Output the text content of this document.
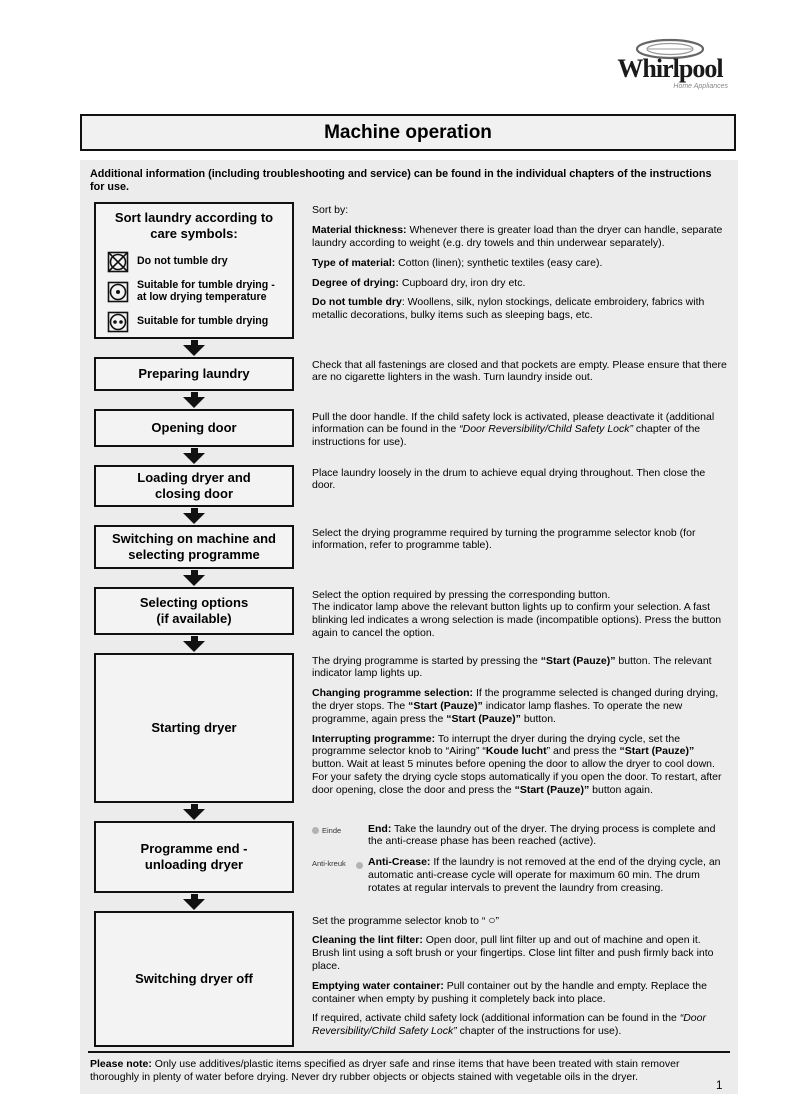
Whirlpool
Home Appliances
Machine operation
Additional information (including troubleshooting and service) can be found in the individual chapters of the instructions for use.
Sort laundry according to
care symbols:
Do not tumble dry
Suitable for tumble drying - at low drying temperature
Suitable for tumble drying

Sort by:

Material thickness: Whenever there is greater load than the dryer can handle, separate laundry according to weight (e.g. dry towels and thin underwear separately).

Type of material: Cotton (linen); synthetic textiles (easy care).

Degree of drying: Cupboard dry, iron dry etc.

Do not tumble dry: Woollens, silk, nylon stockings, delicate embroidery, fabrics with metallic decorations, bulky items such as sleeping bags, etc.

Preparing laundry

Check that all fastenings are closed and that pockets are empty. Please ensure that there are no cigarette lighters in the wash. Turn laundry inside out.

Opening door

Pull the door handle. If the child safety lock is activated, please deactivate it (additional information can be found in the “Door Reversibility/Child Safety Lock” chapter of the instructions for use).

Loading dryer and
closing door

Place laundry loosely in the drum to achieve equal drying throughout. Then close the door.

Switching on machine and
selecting programme

Select the drying programme required by turning the programme selector knob (for information, refer to programme table).

Selecting options
(if available)
Select the option required by pressing the corresponding button.
The indicator lamp above the relevant button lights up to confirm your selection. A fast blinking led indicates a wrong selection is made (incompatible options). Press the button again to cancel the option.
Starting dryer

The drying programme is started by pressing the “Start (Pauze)” button. The relevant indicator lamp lights up.

Changing programme selection: If the programme selected is changed during drying, the dryer stops. The “Start (Pauze)” indicator lamp flashes. To operate the new programme, again press the “Start (Pauze)” button.

Interrupting programme: To interrupt the dryer during the drying cycle, set the programme selector knob to “Airing” “Koude lucht” and press the “Start (Pauze)” button. Wait at least 5 minutes before opening the door to allow the dryer to cool down. For your safety the drying cycle stops automatically if you open the door. To restart, after door opening, close the door and press the “Start (Pauze)” button again.

Programme end -
unloading dryer
Einde	End: Take the laundry out of the dryer. The drying process is complete and the anti-crease phase has been reached (active).
Anti-kreuk	Anti-Crease: If the laundry is not removed at the end of the drying cycle, an automatic anti-crease cycle will operate for maximum 60 min. The drum rotates at regular intervals to prevent the laundry from creasing.
Switching dryer off

Set the programme selector knob to “ ○”

Cleaning the lint filter: Open door, pull lint filter up and out of machine and open it. Brush lint using a soft brush or your fingertips. Close lint filter and push firmly back into place.

Emptying water container: Pull container out by the handle and empty. Replace the container when empty by pushing it completely back into place.

If required, activate child safety lock (additional information can be found in the “Door Reversibility/Child Safety Lock” chapter of the instructions for use).

Please note: Only use additives/plastic items specified as dryer safe and rinse items that have been treated with stain remover thoroughly in plenty of water before drying. Never dry rubber objects or objects stained with vegetable oils in the dryer.
1
